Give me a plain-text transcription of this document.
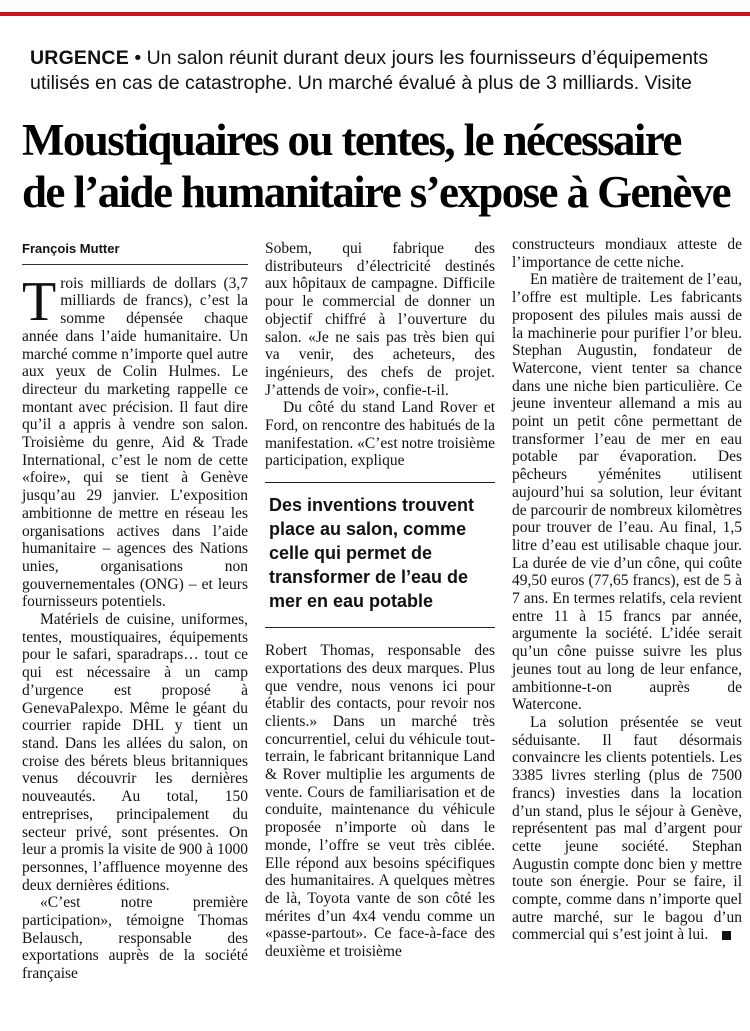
URGENCE • Un salon réunit durant deux jours les fournisseurs d’équipements utilisés en cas de catastrophe. Un marché évalué à plus de 3 milliards. Visite
Moustiquaires ou tentes, le nécessaire
de l’aide humanitaire s’expose à Genève
François Mutter

Trois milliards de dollars (3,7 milliards de francs), c’est la somme dépensée chaque année dans l’aide humanitaire. Un marché comme n’importe quel autre aux yeux de Colin Hulmes. Le directeur du marketing rappelle ce montant avec précision. Il faut dire qu’il a appris à vendre son salon. Troisième du genre, Aid & Trade International, c’est le nom de cette «foire», qui se tient à Genève jusqu’au 29 janvier. L’exposition ambitionne de mettre en réseau les organisations actives dans l’aide humanitaire – agences des Nations unies, organisations non gouvernementales (ONG) – et leurs fournisseurs potentiels.

Matériels de cuisine, uniformes, tentes, moustiquaires, équipements pour le safari, sparadraps… tout ce qui est nécessaire à un camp d’urgence est proposé à GenevaPalexpo. Même le géant du courrier rapide DHL y tient un stand. Dans les allées du salon, on croise des bérets bleus britanniques venus découvrir les dernières nouveautés. Au total, 150 entreprises, principalement du secteur privé, sont présentes. On leur a promis la visite de 900 à 1000 personnes, l’affluence moyenne des deux dernières éditions.

«C’est notre première participation», témoigne Thomas Belausch, responsable des exportations auprès de la société française

Sobem, qui fabrique des distributeurs d’électricité destinés aux hôpitaux de campagne. Difficile pour le commercial de donner un objectif chiffré à l’ouverture du salon. «Je ne sais pas très bien qui va venir, des acheteurs, des ingénieurs, des chefs de projet. J’attends de voir», confie-t-il.

Du côté du stand Land Rover et Ford, on rencontre des habitués de la manifestation. «C’est notre troisième participation, explique

Des inventions trouvent place au salon, comme celle qui permet de transformer de l’eau de mer en eau potable

Robert Thomas, responsable des exportations des deux marques. Plus que vendre, nous venons ici pour établir des contacts, pour revoir nos clients.» Dans un marché très concurrentiel, celui du véhicule tout-terrain, le fabricant britannique Land & Rover multiplie les arguments de vente. Cours de familiarisation et de conduite, maintenance du véhicule proposée n’importe où dans le monde, l’offre se veut très ciblée. Elle répond aux besoins spécifiques des humanitaires. A quelques mètres de là, Toyota vante de son côté les mérites d’un 4x4 vendu comme un «passe-partout». Ce face-à-face des deuxième et troisième

constructeurs mondiaux atteste de l’importance de cette niche.

En matière de traitement de l’eau, l’offre est multiple. Les fabricants proposent des pilules mais aussi de la machinerie pour purifier l’or bleu. Stephan Augustin, fondateur de Watercone, vient tenter sa chance dans une niche bien particulière. Ce jeune inventeur allemand a mis au point un petit cône permettant de transformer l’eau de mer en eau potable par évaporation. Des pêcheurs yéménites utilisent aujourd’hui sa solution, leur évitant de parcourir de nombreux kilomètres pour trouver de l’eau. Au final, 1,5 litre d’eau est utilisable chaque jour. La durée de vie d’un cône, qui coûte 49,50 euros (77,65 francs), est de 5 à 7 ans. En termes relatifs, cela revient entre 11 à 15 francs par année, argumente la société. L’idée serait qu’un cône puisse suivre les plus jeunes tout au long de leur enfance, ambitionne-t-on auprès de Watercone.

La solution présentée se veut séduisante. Il faut désormais convaincre les clients potentiels. Les 3385 livres sterling (plus de 7500 francs) investies dans la location d’un stand, plus le séjour à Genève, représentent pas mal d’argent pour cette jeune société. Stephan Augustin compte donc bien y mettre toute son énergie. Pour se faire, il compte, comme dans n’importe quel autre marché, sur le bagou d’un commercial qui s’est joint à lui.
